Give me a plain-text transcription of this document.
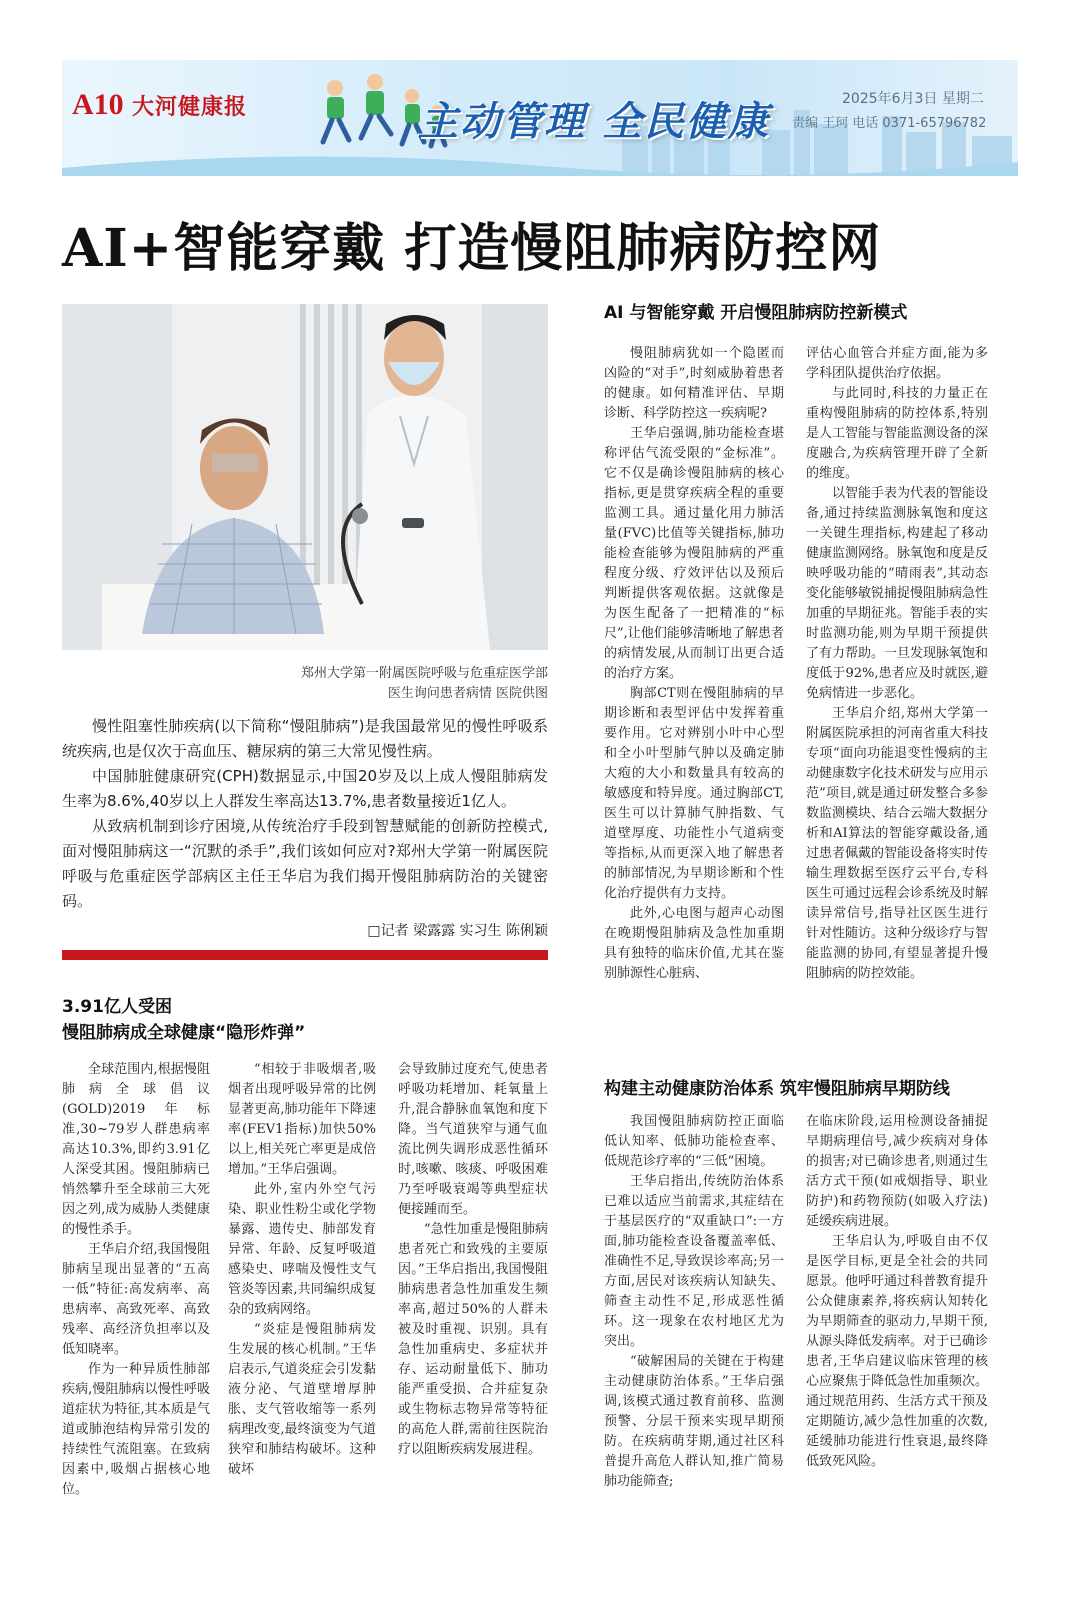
A10 大河健康报	主动管理 全民健康	2025年6月3日 星期二
责编 王珂 电话 0371-65796782
AI+智能穿戴 打造慢阻肺病防控网
郑州大学第一附属医院呼吸与危重症医学部
医生询问患者病情 医院供图

慢性阻塞性肺疾病(以下简称“慢阻肺病”)是我国最常见的慢性呼吸系统疾病,也是仅次于高血压、糖尿病的第三大常见慢性病。

中国肺脏健康研究(CPH)数据显示,中国20岁及以上成人慢阻肺病发生率为8.6%,40岁以上人群发生率高达13.7%,患者数量接近1亿人。

从致病机制到诊疗困境,从传统治疗手段到智慧赋能的创新防控模式,面对慢阻肺病这一“沉默的杀手”,我们该如何应对?郑州大学第一附属医院呼吸与危重症医学部病区主任王华启为我们揭开慢阻肺病防治的关键密码。

□记者 梁露露 实习生 陈俐颖
3.91亿人受困
慢阻肺病成全球健康“隐形炸弹”

全球范围内,根据慢阻肺病全球倡议(GOLD)2019年标准,30~79岁人群患病率高达10.3%,即约3.91亿人深受其困。慢阻肺病已悄然攀升至全球前三大死因之列,成为威胁人类健康的慢性杀手。

王华启介绍,我国慢阻肺病呈现出显著的“五高一低”特征:高发病率、高患病率、高致死率、高致残率、高经济负担率以及低知晓率。

作为一种异质性肺部疾病,慢阻肺病以慢性呼吸道症状为特征,其本质是气道或肺泡结构异常引发的持续性气流阻塞。在致病因素中,吸烟占据核心地位。

“相较于非吸烟者,吸烟者出现呼吸异常的比例显著更高,肺功能年下降速率(FEV1指标)加快50%以上,相关死亡率更是成倍增加。”王华启强调。

此外,室内外空气污染、职业性粉尘或化学物暴露、遗传史、肺部发育异常、年龄、反复呼吸道感染史、哮喘及慢性支气管炎等因素,共同编织成复杂的致病网络。

“炎症是慢阻肺病发生发展的核心机制。”王华启表示,气道炎症会引发黏液分泌、气道壁增厚肿胀、支气管收缩等一系列病理改变,最终演变为气道狭窄和肺结构破坏。这种破坏

会导致肺过度充气,使患者呼吸功耗增加、耗氧量上升,混合静脉血氧饱和度下降。当气道狭窄与通气血流比例失调形成恶性循环时,咳嗽、咳痰、呼吸困难乃至呼吸衰竭等典型症状便接踵而至。

“急性加重是慢阻肺病患者死亡和致残的主要原因。”王华启指出,我国慢阻肺病患者急性加重发生频率高,超过50%的人群未被及时重视、识别。具有急性加重病史、多症状并存、运动耐量低下、肺功能严重受损、合并症复杂或生物标志物异常等特征的高危人群,需前往医院治疗以阻断疾病发展进程。

AI 与智能穿戴 开启慢阻肺病防控新模式

慢阻肺病犹如一个隐匿而凶险的“对手”,时刻威胁着患者的健康。如何精准评估、早期诊断、科学防控这一疾病呢?

王华启强调,肺功能检查堪称评估气流受限的“金标准”。它不仅是确诊慢阻肺病的核心指标,更是贯穿疾病全程的重要监测工具。通过量化用力肺活量(FVC)比值等关键指标,肺功能检查能够为慢阻肺病的严重程度分级、疗效评估以及预后判断提供客观依据。这就像是为医生配备了一把精准的“标尺”,让他们能够清晰地了解患者的病情发展,从而制订出更合适的治疗方案。

胸部CT则在慢阻肺病的早期诊断和表型评估中发挥着重要作用。它对辨别小叶中心型和全小叶型肺气肿以及确定肺大疱的大小和数量具有较高的敏感度和特异度。通过胸部CT,医生可以计算肺气肿指数、气道壁厚度、功能性小气道病变等指标,从而更深入地了解患者的肺部情况,为早期诊断和个性化治疗提供有力支持。

此外,心电图与超声心动图在晚期慢阻肺病及急性加重期具有独特的临床价值,尤其在鉴别肺源性心脏病、

评估心血管合并症方面,能为多学科团队提供治疗依据。

与此同时,科技的力量正在重构慢阻肺病的防控体系,特别是人工智能与智能监测设备的深度融合,为疾病管理开辟了全新的维度。

以智能手表为代表的智能设备,通过持续监测脉氧饱和度这一关键生理指标,构建起了移动健康监测网络。脉氧饱和度是反映呼吸功能的“晴雨表”,其动态变化能够敏锐捕捉慢阻肺病急性加重的早期征兆。智能手表的实时监测功能,则为早期干预提供了有力帮助。一旦发现脉氧饱和度低于92%,患者应及时就医,避免病情进一步恶化。

王华启介绍,郑州大学第一附属医院承担的河南省重大科技专项“面向功能退变性慢病的主动健康数字化技术研发与应用示范”项目,就是通过研发整合多参数监测模块、结合云端大数据分析和AI算法的智能穿戴设备,通过患者佩戴的智能设备将实时传输生理数据至医疗云平台,专科医生可通过远程会诊系统及时解读异常信号,指导社区医生进行针对性随访。这种分级诊疗与智能监测的协同,有望显著提升慢阻肺病的防控效能。

构建主动健康防治体系 筑牢慢阻肺病早期防线

我国慢阻肺病防控正面临低认知率、低肺功能检查率、低规范诊疗率的“三低”困境。

王华启指出,传统防治体系已难以适应当前需求,其症结在于基层医疗的“双重缺口”:一方面,肺功能检查设备覆盖率低、准确性不足,导致误诊率高;另一方面,居民对该疾病认知缺失、筛查主动性不足,形成恶性循环。这一现象在农村地区尤为突出。

“破解困局的关键在于构建主动健康防治体系。”王华启强调,该模式通过教育前移、监测预警、分层干预来实现早期预防。在疾病萌芽期,通过社区科普提升高危人群认知,推广简易肺功能筛查;

在临床阶段,运用检测设备捕捉早期病理信号,减少疾病对身体的损害;对已确诊患者,则通过生活方式干预(如戒烟指导、职业防护)和药物预防(如吸入疗法)延缓疾病进展。

王华启认为,呼吸自由不仅是医学目标,更是全社会的共同愿景。他呼吁通过科普教育提升公众健康素养,将疾病认知转化为早期筛查的驱动力,早期干预,从源头降低发病率。对于已确诊患者,王华启建议临床管理的核心应聚焦于降低急性加重频次。通过规范用药、生活方式干预及定期随访,减少急性加重的次数,延缓肺功能进行性衰退,最终降低致死风险。
